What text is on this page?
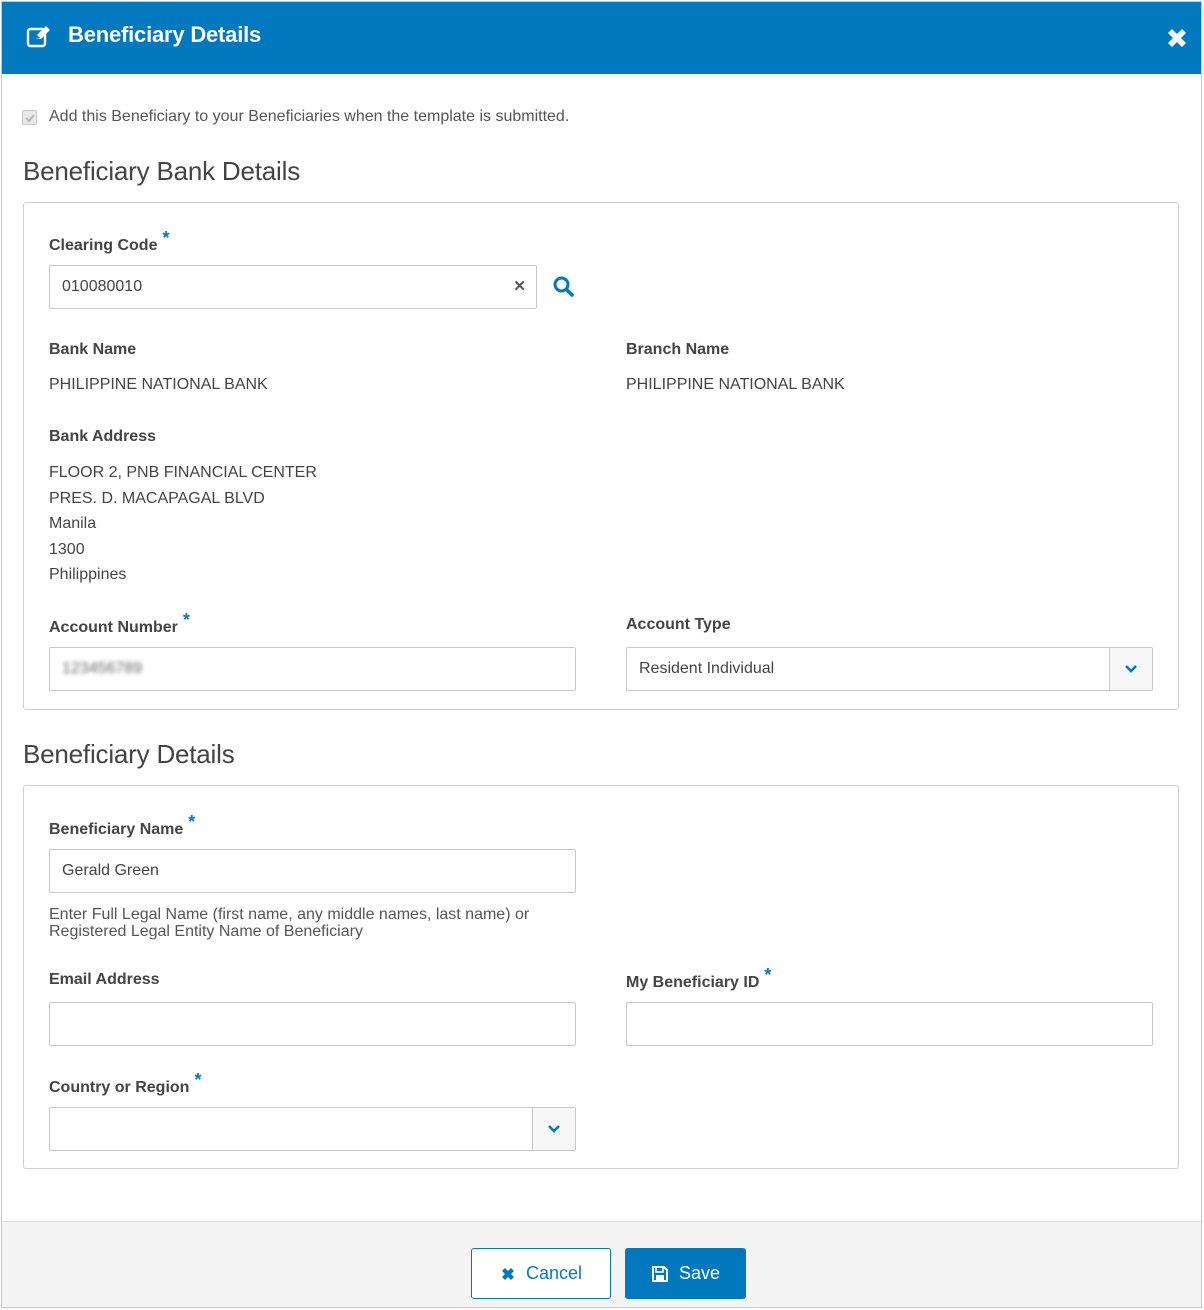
Beneficiary Details
Add this Beneficiary to your Beneficiaries when the template is submitted.
Beneficiary Bank Details
Clearing Code *
010080010	✕
Bank Name
PHILIPPINE NATIONAL BANK
Branch Name
PHILIPPINE NATIONAL BANK
Bank Address
FLOOR 2, PNB FINANCIAL CENTER
PRES. D. MACAPAGAL BLVD
Manila
1300
Philippines
Account Number *
123456789
Account Type
Resident Individual
Beneficiary Details
Beneficiary Name *
Gerald Green
Enter Full Legal Name (first name, any middle names, last name) or
Registered Legal Entity Name of Beneficiary
Email Address	My Beneficiary ID *
Country or Region *
Cancel	Save
